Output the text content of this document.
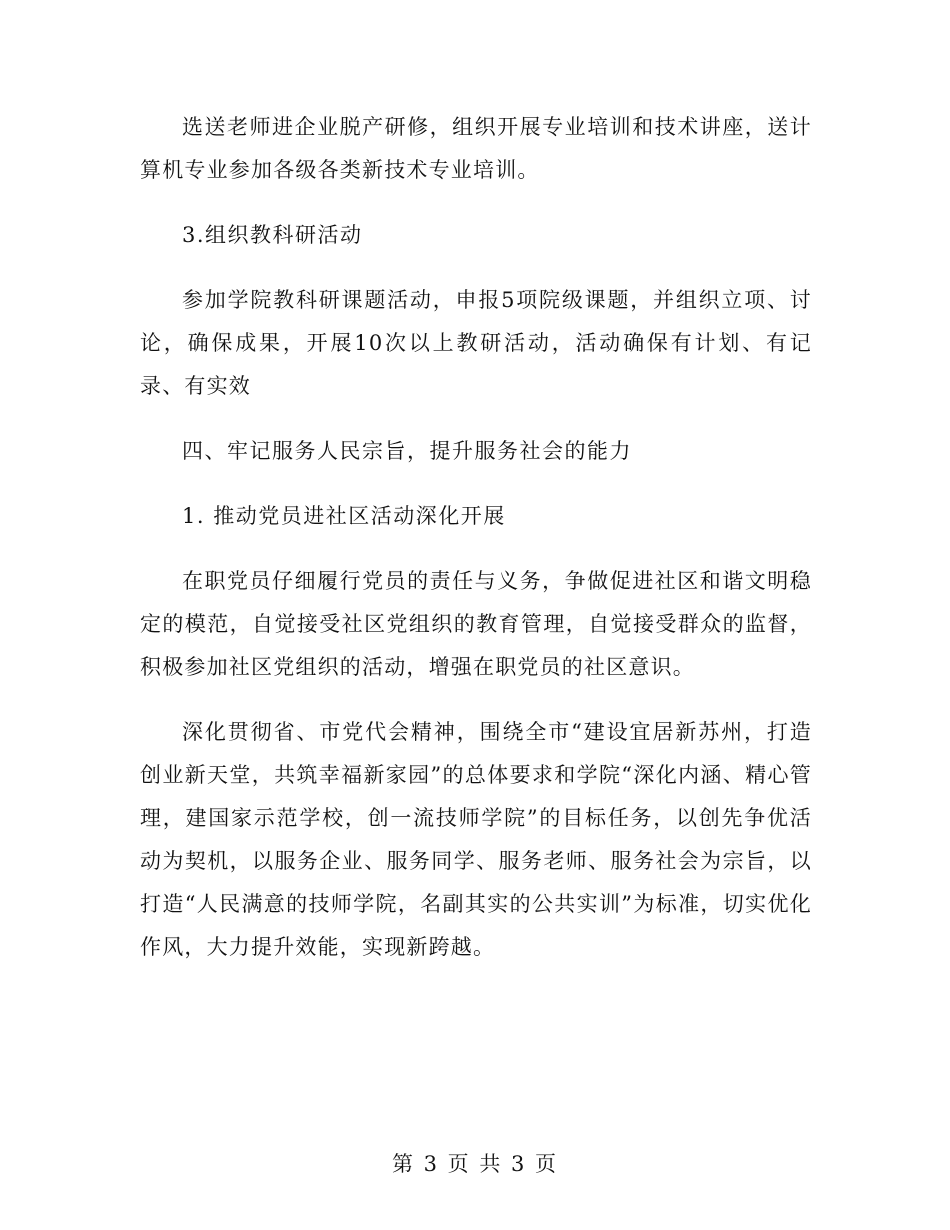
选送老师进企业脱产研修，组织开展专业培训和技术讲座，送计算机专业参加各级各类新技术专业培训。

3.组织教科研活动

参加学院教科研课题活动，申报5项院级课题，并组织立项、讨论，确保成果，开展10次以上教研活动，活动确保有计划、有记录、有实效

四、牢记服务人民宗旨，提升服务社会的能力

1. 推动党员进社区活动深化开展

在职党员仔细履行党员的责任与义务，争做促进社区和谐文明稳定的模范，自觉接受社区党组织的教育管理，自觉接受群众的监督，积极参加社区党组织的活动，增强在职党员的社区意识。

深化贯彻省、市党代会精神，围绕全市“建设宜居新苏州，打造创业新天堂，共筑幸福新家园”的总体要求和学院“深化内涵、精心管理，建国家示范学校，创一流技师学院”的目标任务，以创先争优活动为契机，以服务企业、服务同学、服务老师、服务社会为宗旨，以打造“人民满意的技师学院，名副其实的公共实训”为标准，切实优化作风，大力提升效能，实现新跨越。

第 3 页 共 3 页
